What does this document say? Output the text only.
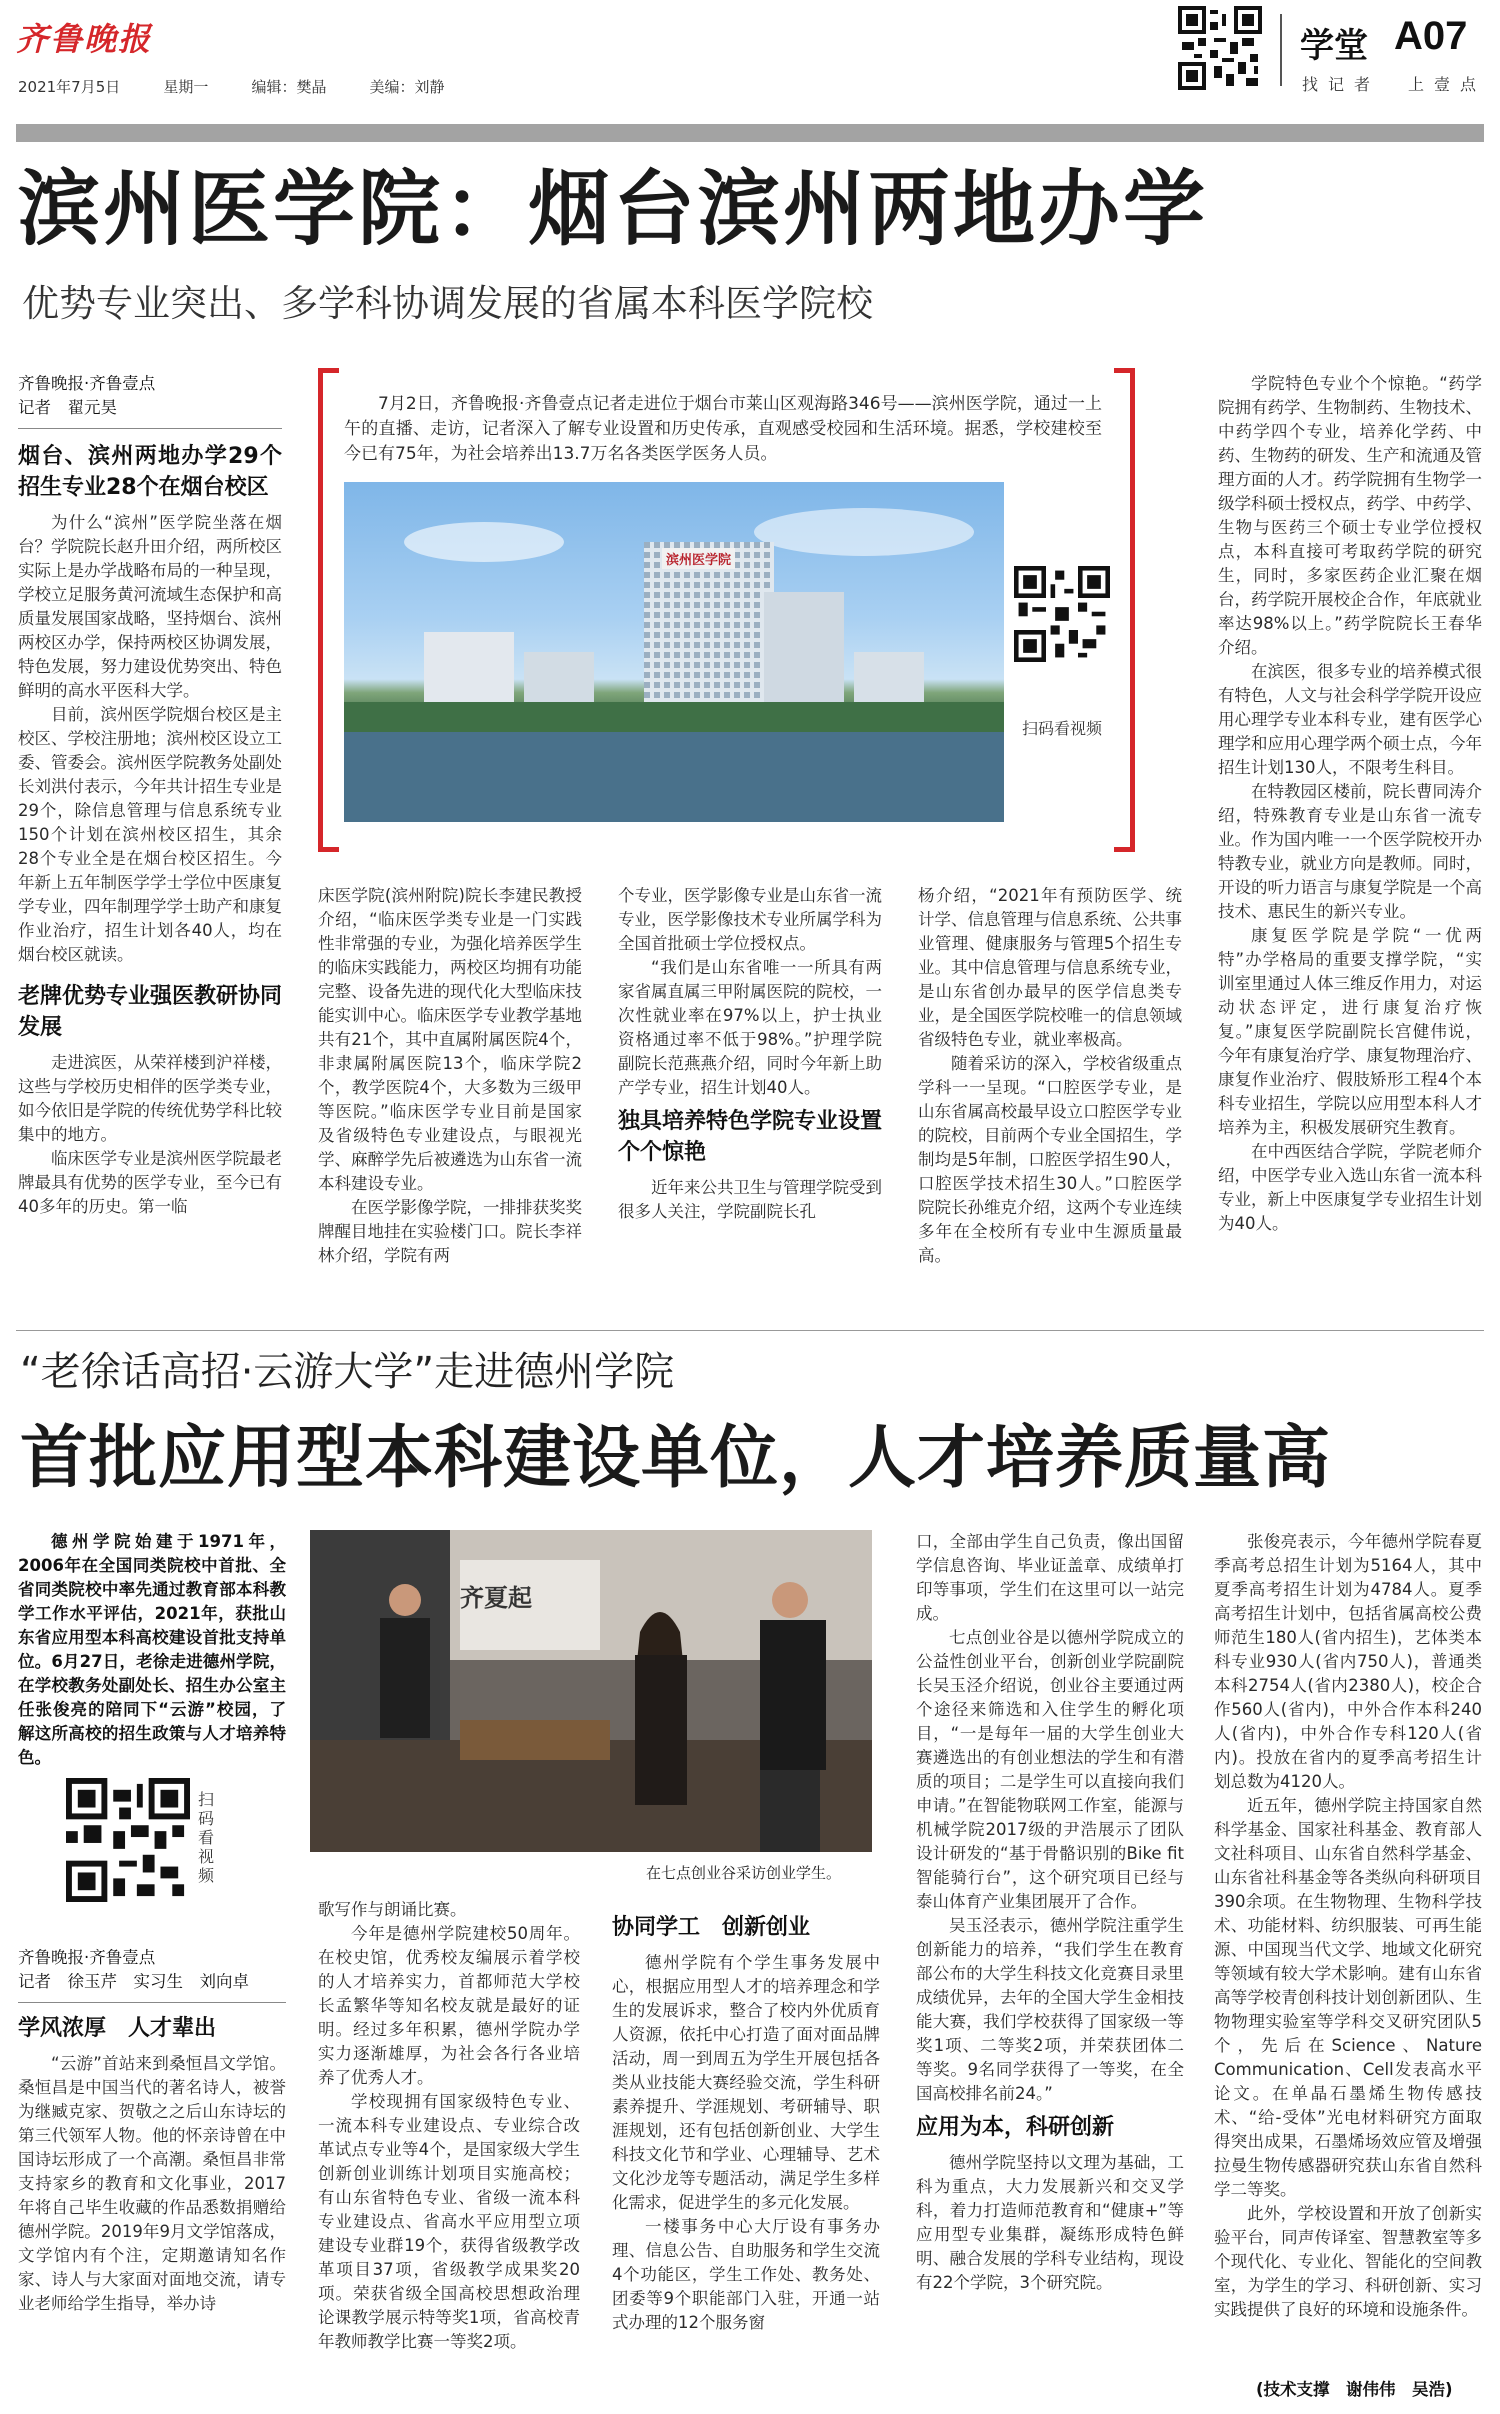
齐鲁晚报
2021年7月5日	星期一	编辑：樊晶	美编：刘静
学堂 A07
找记者 上壹点
滨州医学院：烟台滨州两地办学
优势专业突出、多学科协调发展的省属本科医学院校
齐鲁晚报·齐鲁壹点
记者　翟元昊
烟台、滨州两地办学29个招生专业28个在烟台校区

为什么“滨州”医学院坐落在烟台？学院院长赵升田介绍，两所校区实际上是办学战略布局的一种呈现，学校立足服务黄河流域生态保护和高质量发展国家战略，坚持烟台、滨州两校区办学，保持两校区协调发展，特色发展，努力建设优势突出、特色鲜明的高水平医科大学。

目前，滨州医学院烟台校区是主校区、学校注册地；滨州校区设立工委、管委会。滨州医学院教务处副处长刘洪付表示，今年共计招生专业是29个，除信息管理与信息系统专业150个计划在滨州校区招生，其余28个专业全是在烟台校区招生。今年新上五年制医学学士学位中医康复学专业，四年制理学学士助产和康复作业治疗，招生计划各40人，均在烟台校区就读。

老牌优势专业强医教研协同发展

走进滨医，从荣祥楼到沪祥楼，这些与学校历史相伴的医学类专业，如今依旧是学院的传统优势学科比较集中的地方。

临床医学专业是滨州医学院最老牌最具有优势的医学专业，至今已有40多年的历史。第一临

7月2日，齐鲁晚报·齐鲁壹点记者走进位于烟台市莱山区观海路346号——滨州医学院，通过一上午的直播、走访，记者深入了解专业设置和历史传承，直观感受校园和生活环境。据悉，学校建校至今已有75年，为社会培养出13.7万名各类医学医务人员。

滨州医学院
扫码看视频

床医学院(滨州附院)院长李建民教授介绍，“临床医学类专业是一门实践性非常强的专业，为强化培养医学生的临床实践能力，两校区均拥有功能完整、设备先进的现代化大型临床技能实训中心。临床医学专业教学基地共有21个，其中直属附属医院4个，非隶属附属医院13个，临床学院2个，教学医院4个，大多数为三级甲等医院。”临床医学专业目前是国家及省级特色专业建设点，与眼视光学、麻醉学先后被遴选为山东省一流本科建设专业。

在医学影像学院，一排排获奖奖牌醒目地挂在实验楼门口。院长李祥林介绍，学院有两

个专业，医学影像专业是山东省一流专业，医学影像技术专业所属学科为全国首批硕士学位授权点。

“我们是山东省唯一一所具有两家省属直属三甲附属医院的院校，一次性就业率在97%以上，护士执业资格通过率不低于98%。”护理学院副院长范燕燕介绍，同时今年新上助产学专业，招生计划40人。

独具培养特色学院专业设置个个惊艳

近年来公共卫生与管理学院受到很多人关注，学院副院长孔

杨介绍，“2021年有预防医学、统计学、信息管理与信息系统、公共事业管理、健康服务与管理5个招生专业。其中信息管理与信息系统专业，是山东省创办最早的医学信息类专业，是全国医学院校唯一的信息领域省级特色专业，就业率极高。

随着采访的深入，学校省级重点学科一一呈现。“口腔医学专业，是山东省属高校最早设立口腔医学专业的院校，目前两个专业全国招生，学制均是5年制，口腔医学招生90人，口腔医学技术招生30人。”口腔医学院院长孙维克介绍，这两个专业连续多年在全校所有专业中生源质量最高。

学院特色专业个个惊艳。“药学院拥有药学、生物制药、生物技术、中药学四个专业，培养化学药、中药、生物药的研发、生产和流通及管理方面的人才。药学院拥有生物学一级学科硕士授权点，药学、中药学、生物与医药三个硕士专业学位授权点，本科直接可考取药学院的研究生，同时，多家医药企业汇聚在烟台，药学院开展校企合作，年底就业率达98%以上。”药学院院长王春华介绍。

在滨医，很多专业的培养模式很有特色，人文与社会科学学院开设应用心理学专业本科专业，建有医学心理学和应用心理学两个硕士点，今年招生计划130人，不限考生科目。

在特教园区楼前，院长曹同涛介绍，特殊教育专业是山东省一流专业。作为国内唯一一个医学院校开办特教专业，就业方向是教师。同时，开设的听力语言与康复学院是一个高技术、惠民生的新兴专业。

康复医学院是学院“一优两特”办学格局的重要支撑学院，“实训室里通过人体三维反作用力，对运动状态评定，进行康复治疗恢复。”康复医学院副院长宫健伟说，今年有康复治疗学、康复物理治疗、康复作业治疗、假肢矫形工程4个本科专业招生，学院以应用型本科人才培养为主，积极发展研究生教育。

在中西医结合学院，学院老师介绍，中医学专业入选山东省一流本科专业，新上中医康复学专业招生计划为40人。

“老徐话高招·云游大学”走进德州学院
首批应用型本科建设单位，人才培养质量高

德州学院始建于1971年，2006年在全国同类院校中首批、全省同类院校中率先通过教育部本科教学工作水平评估，2021年，获批山东省应用型本科高校建设首批支持单位。6月27日，老徐走进德州学院，在学校教务处副处长、招生办公室主任张俊亮的陪同下“云游”校园，了解这所高校的招生政策与人才培养特色。

扫码看视频
齐鲁晚报·齐鲁壹点
记者　徐玉芹　实习生　刘向卓
学风浓厚　人才辈出

“云游”首站来到桑恒昌文学馆。桑恒昌是中国当代的著名诗人，被誉为继臧克家、贺敬之之后山东诗坛的第三代领军人物。他的怀亲诗曾在中国诗坛形成了一个高潮。桑恒昌非常支持家乡的教育和文化事业，2017年将自己毕生收藏的作品悉数捐赠给德州学院。2019年9月文学馆落成，文学馆内有个注，定期邀请知名作家、诗人与大家面对面地交流，请专业老师给学生指导，举办诗

齐夏起
在七点创业谷采访创业学生。

歌写作与朗诵比赛。

今年是德州学院建校50周年。在校史馆，优秀校友编展示着学校的人才培养实力，首都师范大学校长孟繁华等知名校友就是最好的证明。经过多年积累，德州学院办学实力逐渐雄厚，为社会各行各业培养了优秀人才。

学校现拥有国家级特色专业、一流本科专业建设点、专业综合改革试点专业等4个，是国家级大学生创新创业训练计划项目实施高校；有山东省特色专业、省级一流本科专业建设点、省高水平应用型立项建设专业群19个，获得省级教学改革项目37项，省级教学成果奖20项。荣获省级全国高校思想政治理论课教学展示特等奖1项，省高校青年教师教学比赛一等奖2项。

协同学工　创新创业

德州学院有个学生事务发展中心，根据应用型人才的培养理念和学生的发展诉求，整合了校内外优质育人资源，依托中心打造了面对面品牌活动，周一到周五为学生开展包括各类从业技能大赛经验交流，学生科研素养提升、学涯规划、考研辅导、职涯规划，还有包括创新创业、大学生科技文化节和学业、心理辅导、艺术文化沙龙等专题活动，满足学生多样化需求，促进学生的多元化发展。

一楼事务中心大厅设有事务办理、信息公告、自助服务和学生交流4个功能区，学生工作处、教务处、团委等9个职能部门入驻，开通一站式办理的12个服务窗

口，全部由学生自己负责，像出国留学信息咨询、毕业证盖章、成绩单打印等事项，学生们在这里可以一站完成。

七点创业谷是以德州学院成立的公益性创业平台，创新创业学院副院长吴玉泾介绍说，创业谷主要通过两个途径来筛选和入住学生的孵化项目，“一是每年一届的大学生创业大赛遴选出的有创业想法的学生和有潜质的项目；二是学生可以直接向我们申请。”在智能物联网工作室，能源与机械学院2017级的尹浩展示了团队设计研发的“基于骨骼识别的Bike fit智能骑行台”，这个研究项目已经与泰山体育产业集团展开了合作。

吴玉泾表示，德州学院注重学生创新能力的培养，“我们学生在教育部公布的大学生科技文化竞赛目录里成绩优异，去年的全国大学生金相技能大赛，我们学校获得了国家级一等奖1项、二等奖2项，并荣获团体二等奖。9名同学获得了一等奖，在全国高校排名前24。”

应用为本，科研创新

德州学院坚持以文理为基础，工科为重点，大力发展新兴和交叉学科，着力打造师范教育和“健康+”等应用型专业集群，凝练形成特色鲜明、融合发展的学科专业结构，现设有22个学院，3个研究院。

张俊亮表示，今年德州学院春夏季高考总招生计划为5164人，其中夏季高考招生计划为4784人。夏季高考招生计划中，包括省属高校公费师范生180人(省内招生)，艺体类本科专业930人(省内750人)，普通类本科2754人(省内2380人)，校企合作560人(省内)，中外合作本科240人(省内)，中外合作专科120人(省内)。投放在省内的夏季高考招生计划总数为4120人。

近五年，德州学院主持国家自然科学基金、国家社科基金、教育部人文社科项目、山东省自然科学基金、山东省社科基金等各类纵向科研项目390余项。在生物物理、生物科学技术、功能材料、纺织服装、可再生能源、中国现当代文学、地域文化研究等领域有较大学术影响。建有山东省高等学校青创科技计划创新团队、生物物理实验室等学科交叉研究团队5个，先后在Science、Nature Communication、Cell发表高水平论文。在单晶石墨烯生物传感技术、“给-受体”光电材料研究方面取得突出成果，石墨烯场效应管及增强拉曼生物传感器研究获山东省自然科学二等奖。

此外，学校设置和开放了创新实验平台，同声传译室、智慧教室等多个现代化、专业化、智能化的空间教室，为学生的学习、科研创新、实习实践提供了良好的环境和设施条件。

(技术支撑　谢伟伟　吴浩)
